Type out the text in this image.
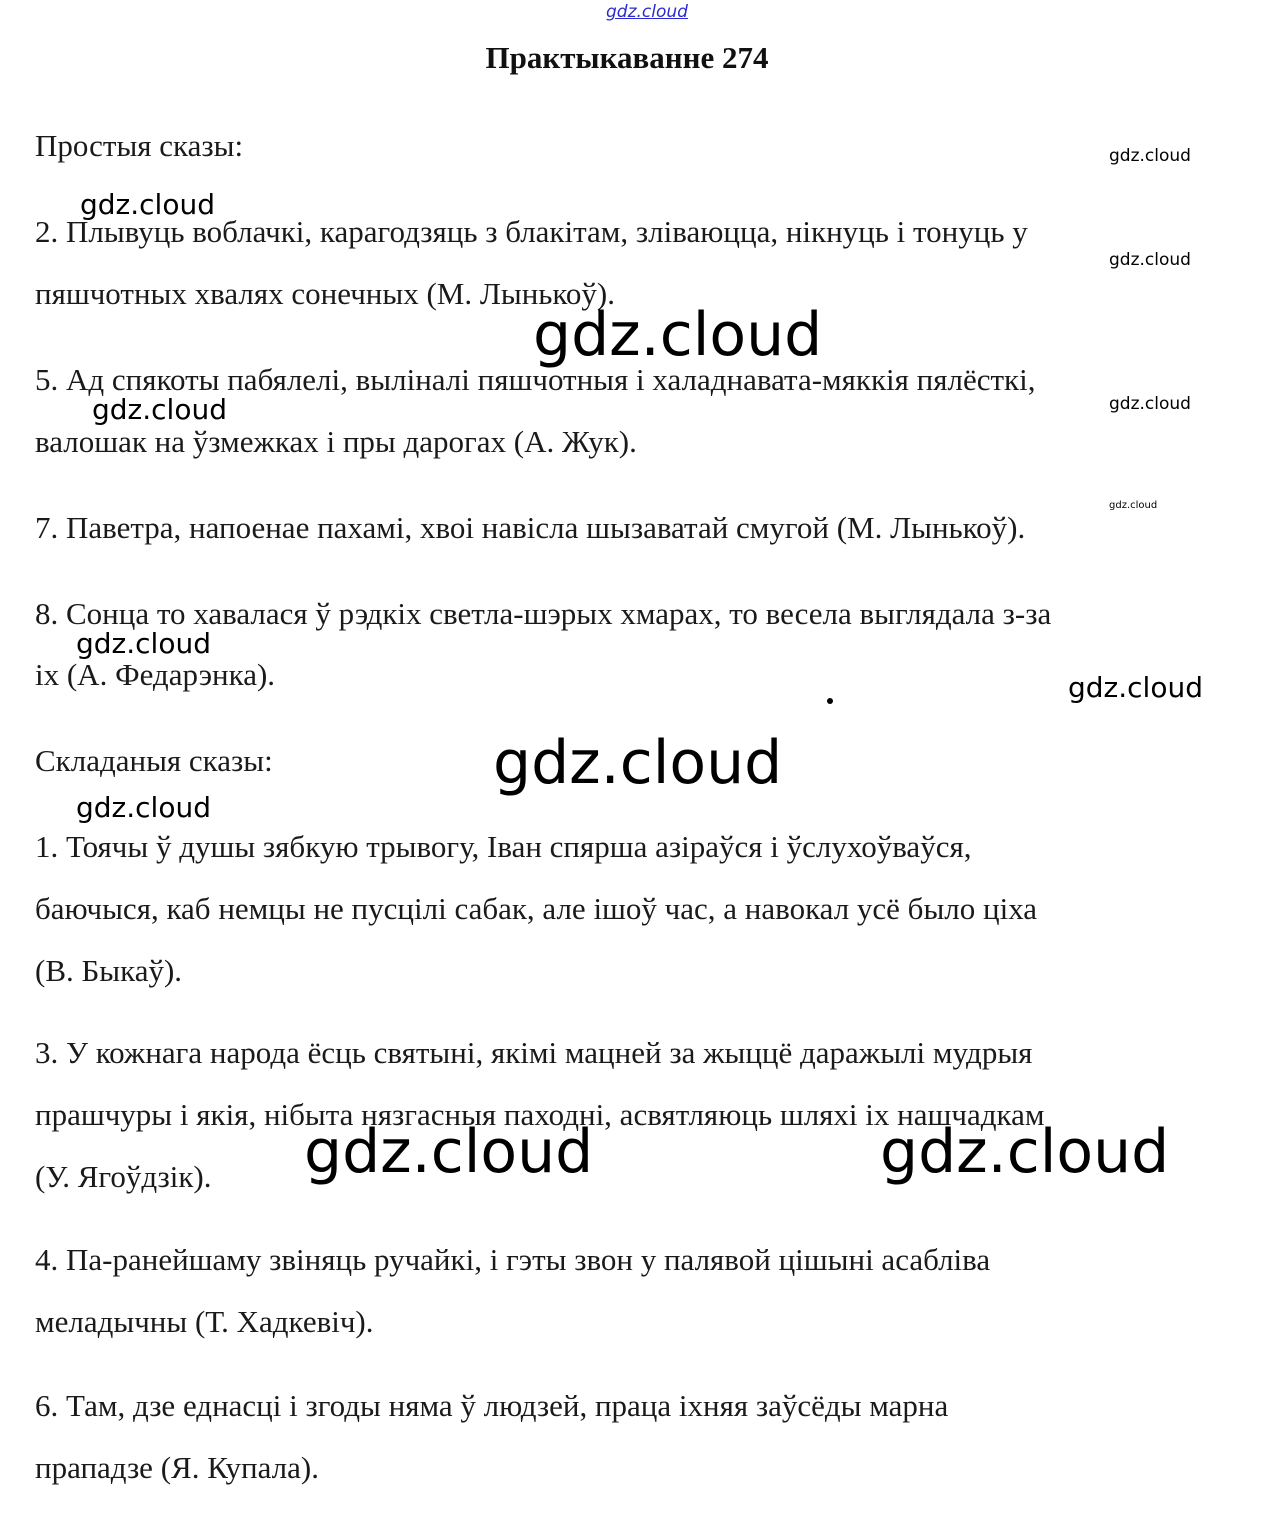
gdz.cloud
gdz.cloud
gdz.cloud
gdz.cloud
gdz.cloud
gdz.cloud	gdz.cloud
gdz.cloud
gdz.cloud
gdz.cloud
gdz.cloud
gdz.cloud
gdz.cloud	gdz.cloud
Практыкаванне 274
Простыя сказы:
2. Плывуць воблачкі, карагодзяць з блакітам, зліваюцца, нікнуць і тонуць у
пяшчотных хвалях сонечных (М. Лынькоў).
5. Ад спякоты пабялелі, выліналі пяшчотныя і халаднавата-мяккія пялёсткі,
валошак на ўзмежках і пры дарогах (А. Жук).
7. Паветра, напоенае пахамі, хвоі навісла шызаватай смугой (М. Лынькоў).
8. Сонца то хавалася ў рэдкіх светла-шэрых хмарах, то весела выглядала з-за
іх (А. Федарэнка).
Складаныя сказы:
1. Тоячы ў душы зябкую трывогу, Іван спярша азіраўся і ўслухоўваўся,
баючыся, каб немцы не пусцілі сабак, але ішоў час, а навокал усё было ціха
(В. Быкаў).
3. У кожнага народа ёсць святыні, якімі мацней за жыццё даражылі мудрыя
прашчуры і якія, нібыта нязгасныя паходні, асвятляюць шляхі іх нашчадкам
(У. Ягоўдзік).
4. Па-ранейшаму звіняць ручайкі, і гэты звон у палявой цішыні асабліва
меладычны (Т. Хадкевіч).
6. Там, дзе еднасці і згоды няма ў людзей, праца іхняя заўсёды марна
прападзе (Я. Купала).
